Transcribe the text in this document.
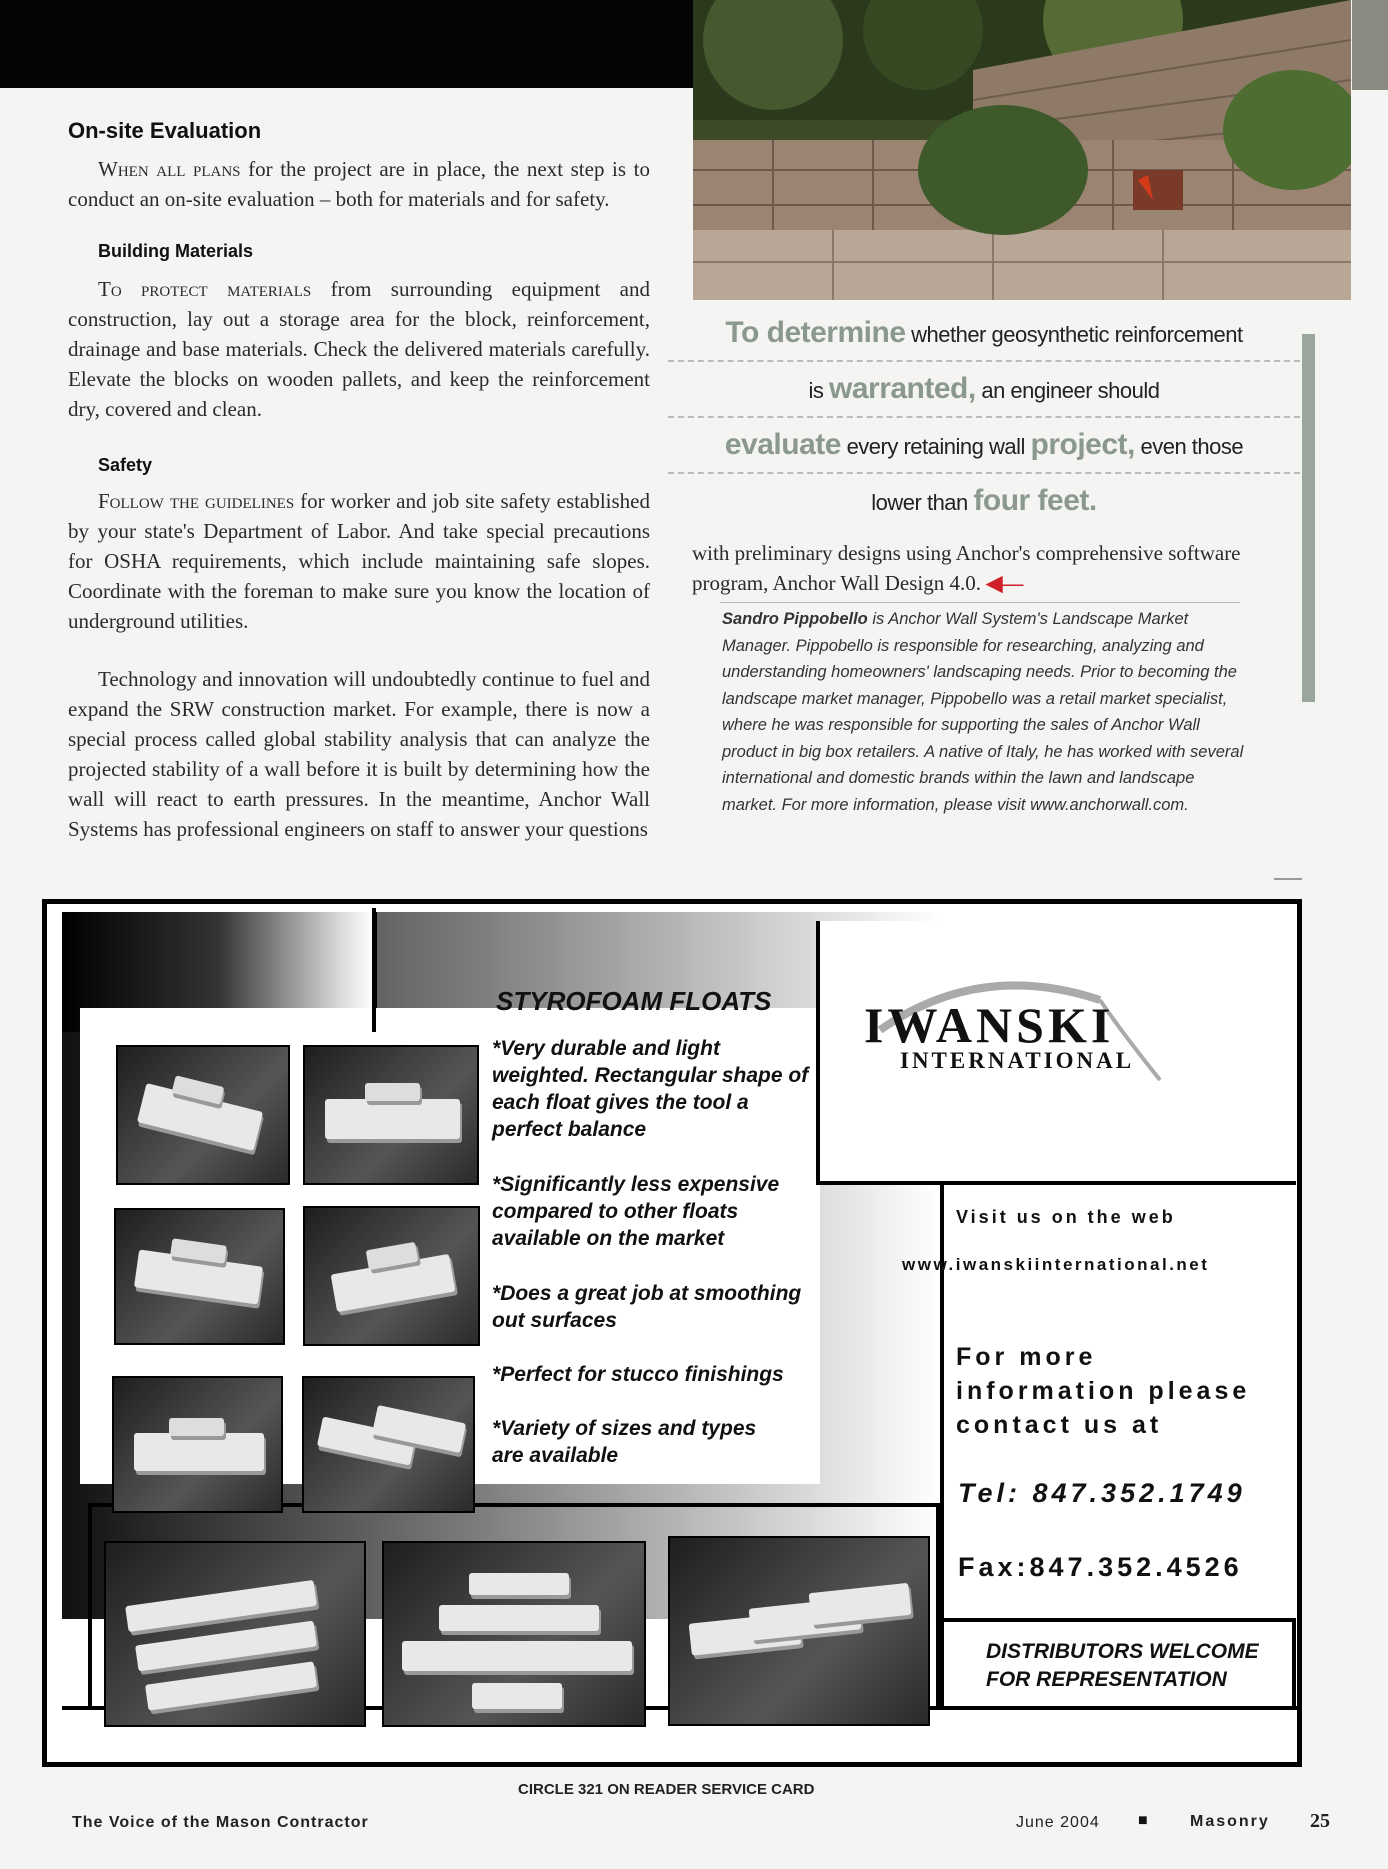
On-site Evaluation

When all plans for the project are in place, the next step is to conduct an on-site evaluation – both for materials and for safety.

Building Materials

To protect materials from surrounding equipment and construction, lay out a storage area for the block, reinforcement, drainage and base materials. Check the delivered materials carefully. Elevate the blocks on wooden pallets, and keep the reinforcement dry, covered and clean.

Safety

Follow the guidelines for worker and job site safety established by your state's Department of Labor. And take special precautions for OSHA requirements, which include maintaining safe slopes. Coordinate with the foreman to make sure you know the location of underground utilities.

Technology and innovation will undoubtedly continue to fuel and expand the SRW construction market. For example, there is now a special process called global stability analysis that can analyze the projected stability of a wall before it is built by determining how the wall will react to earth pressures. In the meantime, Anchor Wall Systems has professional engineers on staff to answer your questions

To determine whether geosynthetic reinforcement
is warranted, an engineer should
evaluate every retaining wall project, even those
lower than four feet.
with preliminary designs using Anchor's comprehensive software program, Anchor Wall Design 4.0. ◀—
Sandro Pippobello is Anchor Wall System's Landscape Market Manager. Pippobello is responsible for researching, analyzing and understanding homeowners' landscaping needs. Prior to becoming the landscape market manager, Pippobello was a retail market specialist, where he was responsible for supporting the sales of Anchor Wall product in big box retailers. A native of Italy, he has worked with several international and domestic brands within the lawn and landscape market. For more information, please visit www.anchorwall.com.
STYROFOAM FLOATS
*Very durable and light weighted. Rectangular shape of each float gives the tool a perfect balance
*Significantly less expensive compared to other floats available on the market
*Does a great job at smoothing out surfaces
*Perfect for stucco finishings
*Variety of sizes and types are available
IWANSKI
INTERNATIONAL
Visit us on the web
www.iwanskiinternational.net
For more
information please
contact us at
Tel: 847.352.1749
Fax:847.352.4526
DISTRIBUTORS WELCOME
FOR REPRESENTATION
CIRCLE 321 ON READER SERVICE CARD
The Voice of the Mason Contractor	June 2004 ■	Masonry 25
